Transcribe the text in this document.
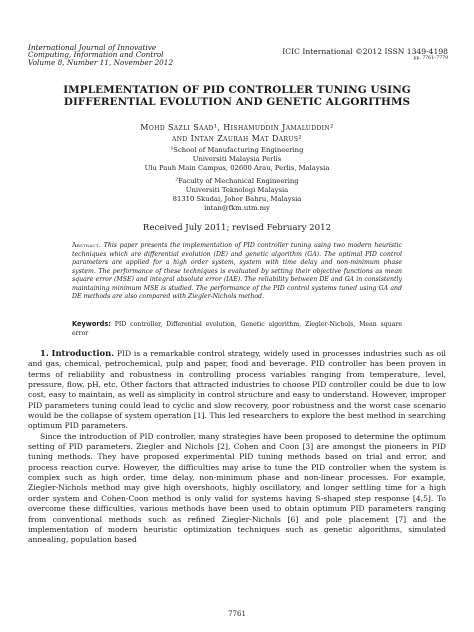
International Journal of Innovative
Computing, Information and Control
Volume 8, Number 11, November 2012
ICIC International ©2012 ISSN 1349-4198
pp. 7761–7779
IMPLEMENTATION OF PID CONTROLLER TUNING USING
DIFFERENTIAL EVOLUTION AND GENETIC ALGORITHMS
Mohd Sazli Saad¹, Hishamuddin Jamaluddin²
and Intan Zaurah Mat Darus²
¹School of Manufacturing Engineering
Universiti Malaysia Perlis
Ulu Pauh Main Campus, 02600 Arau, Perlis, Malaysia
²Faculty of Mechanical Engineering
Universiti Teknologi Malaysia
81310 Skudai, Johor Bahru, Malaysia
intan@fkm.utm.my
Received July 2011; revised February 2012
Abstract. This paper presents the implementation of PID controller tuning using two modern heuristic techniques which are differential evolution (DE) and genetic algorithm (GA). The optimal PID control parameters are applied for a high order system, system with time delay and non-minimum phase system. The performance of these techniques is evaluated by setting their objective functions as mean square error (MSE) and integral absolute error (IAE). The reliability between DE and GA in consistently maintaining minimum MSE is studied. The performance of the PID control systems tuned using GA and DE methods are also compared with Ziegler-Nichols method.
Keywords: PID controller, Differential evolution, Genetic algorithm, Ziegler-Nichols, Mean square error

1. Introduction. PID is a remarkable control strategy, widely used in processes industries such as oil and gas, chemical, petrochemical, pulp and paper, food and beverage. PID controller has been proven in terms of reliability and robustness in controlling process variables ranging from temperature, level, pressure, flow, pH, etc. Other factors that attracted industries to choose PID controller could be due to low cost, easy to maintain, as well as simplicity in control structure and easy to understand. However, improper PID parameters tuning could lead to cyclic and slow recovery, poor robustness and the worst case scenario would be the collapse of system operation [1]. This led researchers to explore the best method in searching optimum PID parameters.

Since the introduction of PID controller, many strategies have been proposed to determine the optimum setting of PID parameters. Ziegler and Nichols [2], Cohen and Coon [3] are amongst the pioneers in PID tuning methods. They have proposed experimental PID tuning methods based on trial and error, and process reaction curve. However, the difficulties may arise to tune the PID controller when the system is complex such as high order, time delay, non-minimum phase and non-linear processes. For example, Ziegler-Nichols method may give high overshoots, highly oscillatory, and longer settling time for a high order system and Cohen-Coon method is only valid for systems having S-shaped step response [4,5]. To overcome these difficulties, various methods have been used to obtain optimum PID parameters ranging from conventional methods such as refined Ziegler-Nichols [6] and pole placement [7] and the implementation of modern heuristic optimization techniques such as genetic algorithms, simulated annealing, population based

7761
